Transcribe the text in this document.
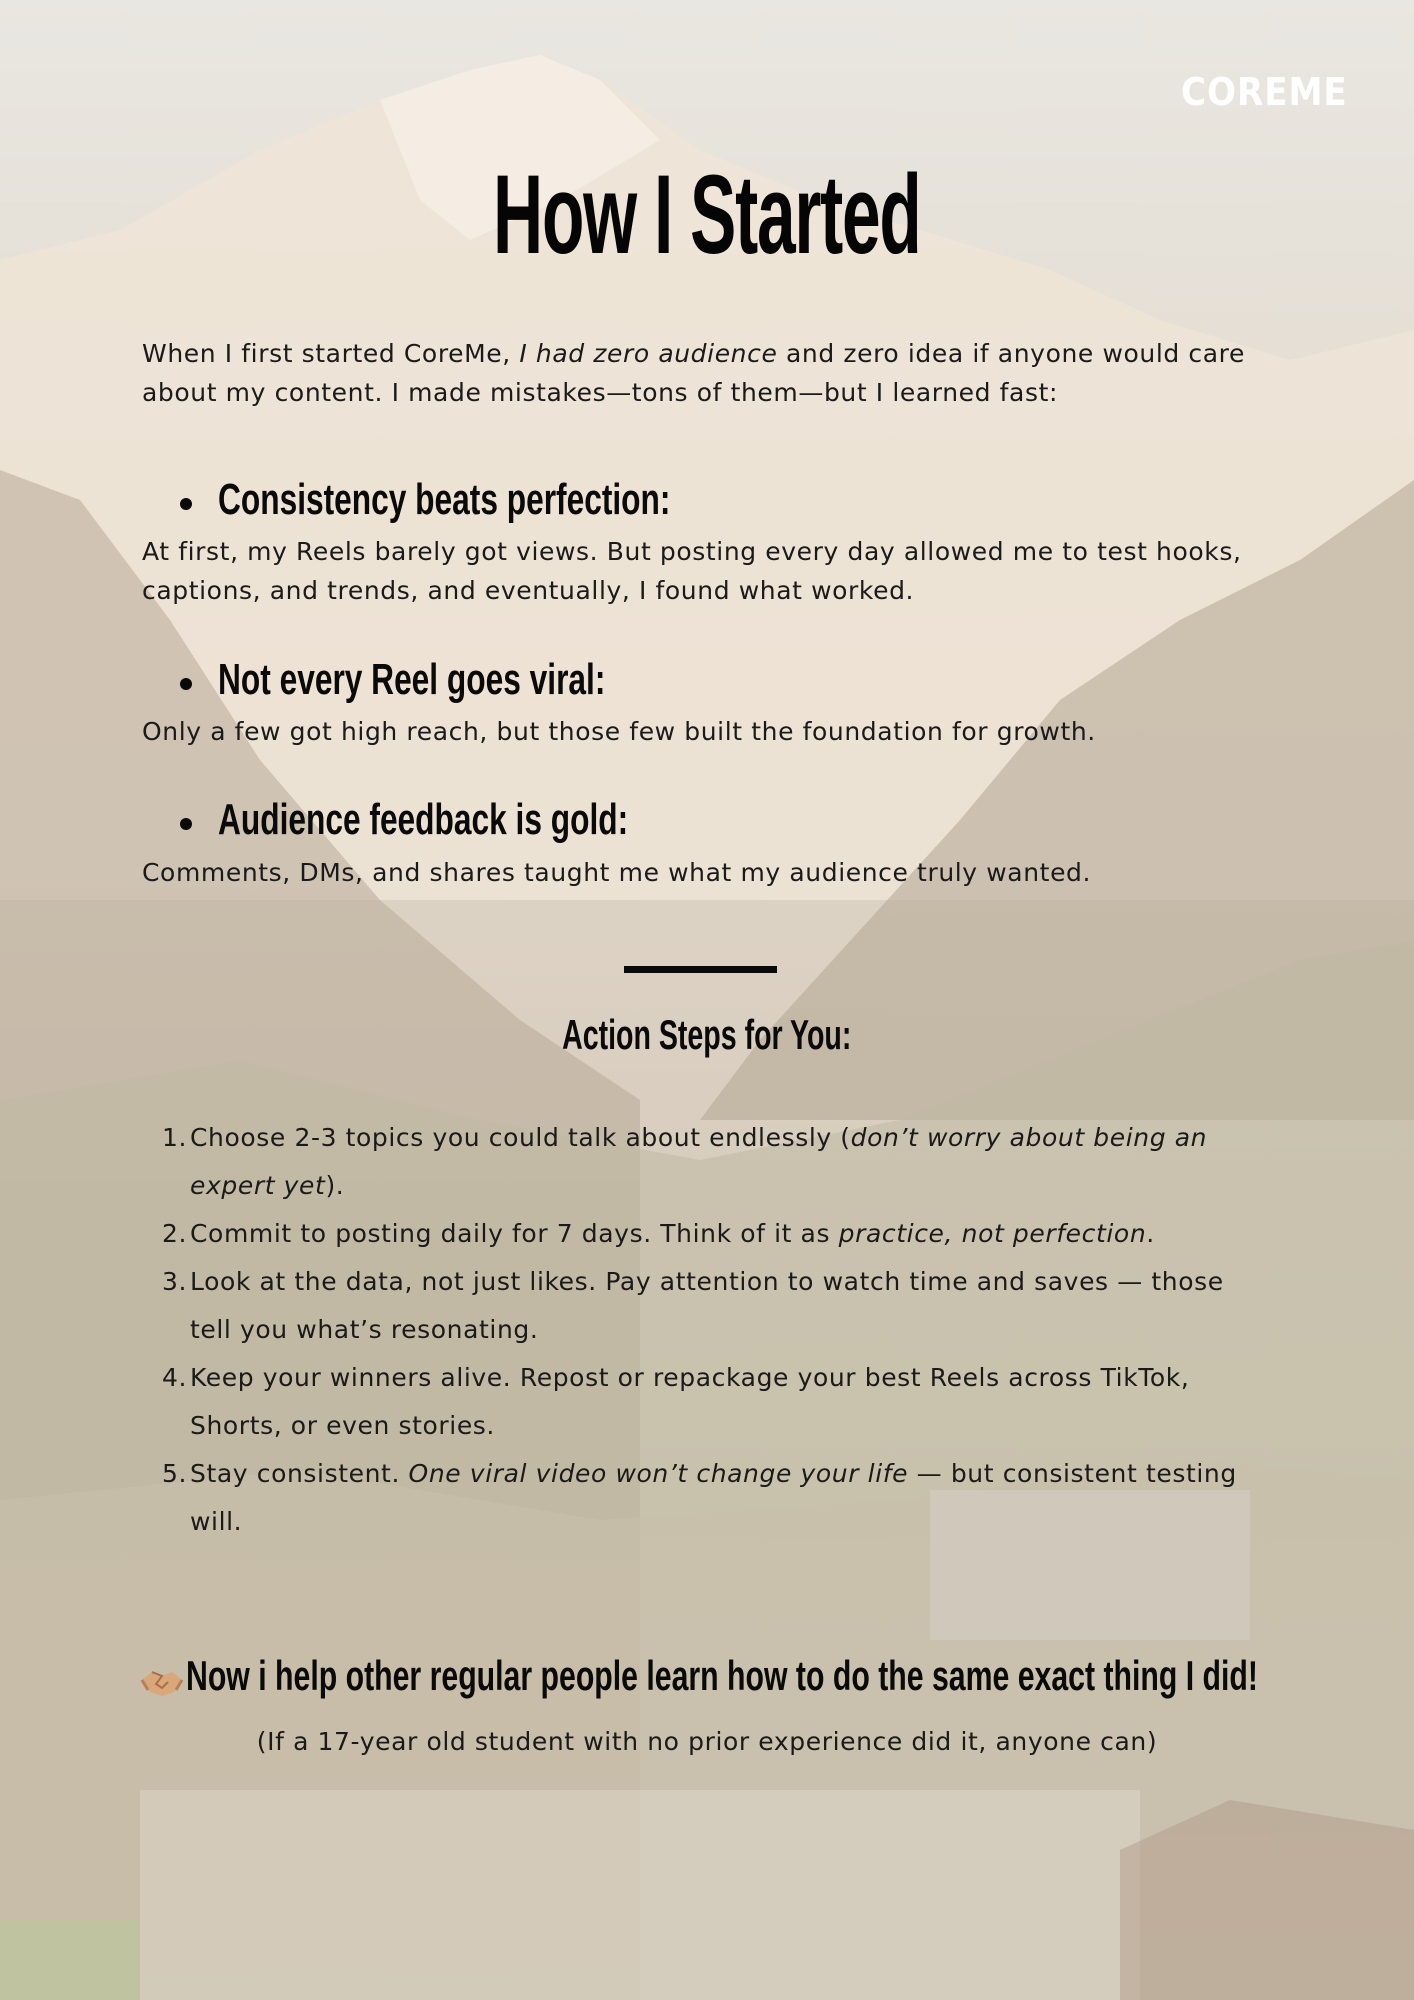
COREME
How I Started
When I first started CoreMe, I had zero audience and zero idea if anyone would care about my content. I made mistakes—tons of them—but I learned fast:
Consistency beats perfection:
At first, my Reels barely got views. But posting every day allowed me to test hooks, captions, and trends, and eventually, I found what worked.
Not every Reel goes viral:
Only a few got high reach, but those few built the foundation for growth.
Audience feedback is gold:
Comments, DMs, and shares taught me what my audience truly wanted.
Action Steps for You:
1. Choose 2-3 topics you could talk about endlessly (don’t worry about being an expert yet).
2. Commit to posting daily for 7 days. Think of it as practice, not perfection.
3. Look at the data, not just likes. Pay attention to watch time and saves — those tell you what’s resonating.
4. Keep your winners alive. Repost or repackage your best Reels across TikTok, Shorts, or even stories.
5. Stay consistent. One viral video won’t change your life — but consistent testing will.
Now i help other regular people learn how to do the same exact thing I did!
(If a 17-year old student with no prior experience did it, anyone can)
